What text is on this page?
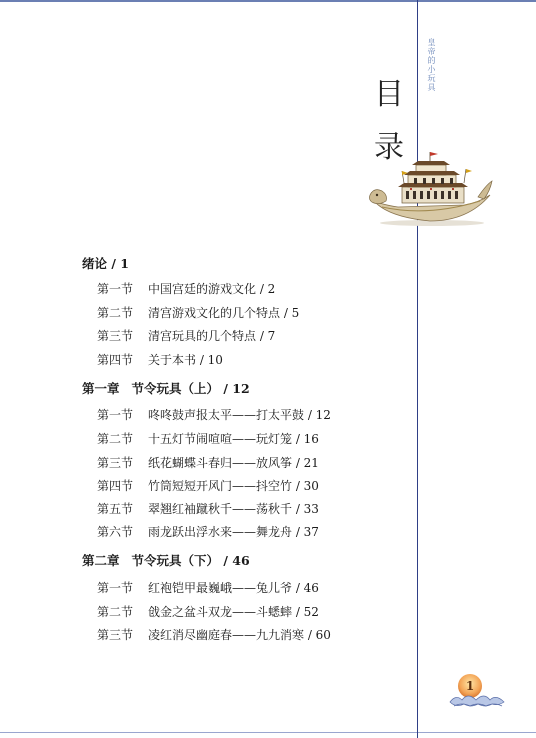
皇帝的小玩具
目
录
绪论 / 1
第一节 中国宫廷的游戏文化 / 2
第二节 清宫游戏文化的几个特点 / 5
第三节 清宫玩具的几个特点 / 7
第四节 关于本书 / 10
第一章 节令玩具（上） / 12
第一节 咚咚鼓声报太平——打太平鼓 / 12
第二节 十五灯节闹喧喧——玩灯笼 / 16
第三节 纸花蝴蝶斗春归——放风筝 / 21
第四节 竹筒短短开风门——抖空竹 / 30
第五节 翠翘红袖蹴秋千——荡秋千 / 33
第六节 雨龙跃出浮水来——舞龙舟 / 37
第二章 节令玩具（下） / 46
第一节 红袍铠甲最巍峨——兔儿爷 / 46
第二节 戗金之盆斗双龙——斗蟋蟀 / 52
第三节 凌红消尽幽庭春——九九消寒 / 60
1
